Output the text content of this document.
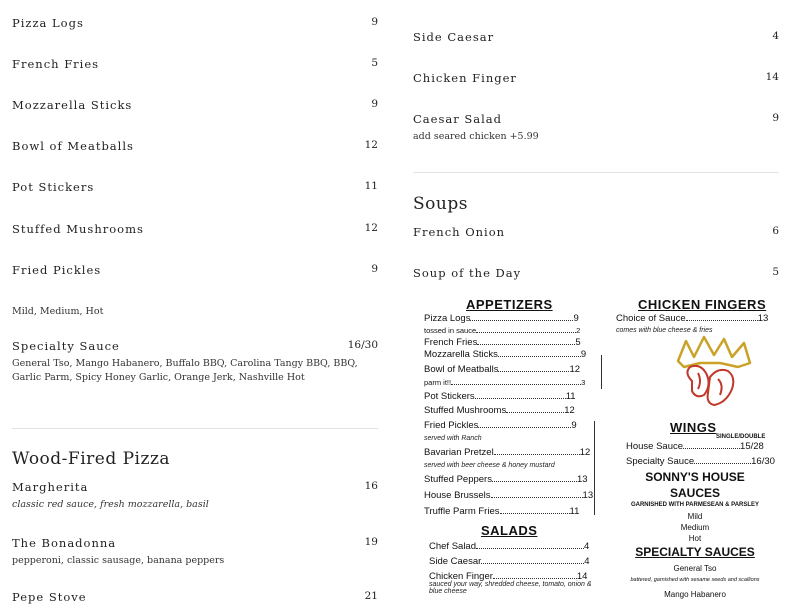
Pizza Logs	9
French Fries	5
Mozzarella Sticks	9
Bowl of Meatballs	12
Pot Stickers	11
Stuffed Mushrooms	12
Fried Pickles	9
Mild, Medium, Hot
Specialty Sauce	16/30
General Tso, Mango Habanero, Buffalo BBQ, Carolina Tangy BBQ, BBQ, Garlic Parm, Spicy Honey Garlic, Orange Jerk, Nashville Hot
Wood-Fired Pizza
Margherita	16
classic red sauce, fresh mozzarella, basil
The Bonadonna	19
pepperoni, classic sausage, banana peppers
Pepe Stove	21
Side Caesar	4
Chicken Finger	14
Caesar Salad	9
add seared chicken +5.99
Soups
French Onion	6
Soup of the Day	5
APPETIZERS
Pizza Logs	9
tossed in sauce	2
French Fries	5
Mozzarella Sticks	9
Bowl of Meatballs	12
parm it!!	3
Pot Stickers	11
Stuffed Mushrooms	12
Fried Pickles	9
served with Ranch
Bavarian Pretzel	12
served with beer cheese & honey mustard
Stuffed Peppers	13
House Brussels	13
Truffle Parm Fries	11
SALADS
Chef Salad	4
Side Caesar	4
Chicken Finger	14
sauced your way, shredded cheese, tomato, onion & blue cheese
CHICKEN FINGERS
Choice of Sauce	13
comes with blue cheese & fries
WINGS
SINGLE/DOUBLE
House Sauce	15/28
Specialty Sauce	16/30
SONNY'S HOUSE
SAUCES
GARNISHED WITH PARMESEAN & PARSLEY
Mild
Medium
Hot
SPECIALTY SAUCES
General Tso
battered, garnished with sesame seeds and scallions
Mango Habanero
